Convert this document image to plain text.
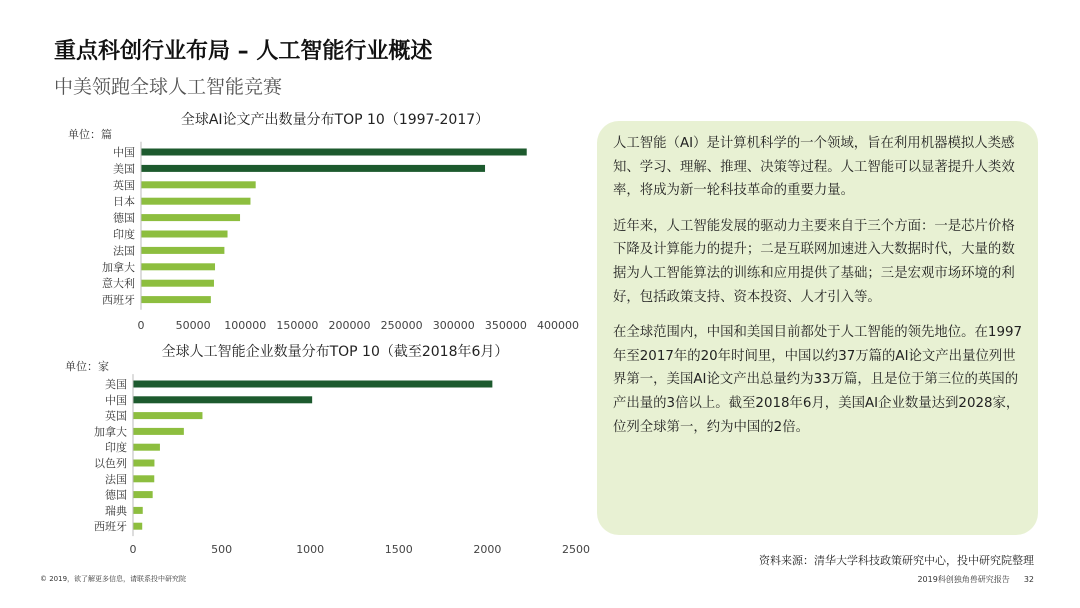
重点科创行业布局 – 人工智能行业概述
中美领跑全球人工智能竞赛
全球AI论文产出数量分布TOP 10（1997-2017）
单位：篇
中国
美国
英国
日本
德国
印度
法国
加拿大
意大利
西班牙
0	50000 100000 150000 200000 250000 300000 350000 400000
全球人工智能企业数量分布TOP 10（截至2018年6月）
单位：家
美国
中国
英国
加拿大
印度
以色列
法国
德国
瑞典
西班牙
0	500	1000	1500	2000	2500

人工智能（AI）是计算机科学的一个领域，旨在利用机器模拟人类感知、学习、理解、推理、决策等过程。人工智能可以显著提升人类效率，将成为新一轮科技革命的重要力量。

近年来，人工智能发展的驱动力主要来自于三个方面：一是芯片价格下降及计算能力的提升；二是互联网加速进入大数据时代，大量的数据为人工智能算法的训练和应用提供了基础；三是宏观市场环境的利好，包括政策支持、资本投资、人才引入等。

在全球范围内，中国和美国目前都处于人工智能的领先地位。在1997年至2017年的20年时间里，中国以约37万篇的AI论文产出量位列世界第一，美国AI论文产出总量约为33万篇，且是位于第三位的英国的产出量的3倍以上。截至2018年6月，美国AI企业数量达到2028家，位列全球第一，约为中国的2倍。

资料来源：清华大学科技政策研究中心，投中研究院整理
© 2019，欲了解更多信息，请联系投中研究院	2019科创独角兽研究报告 32
